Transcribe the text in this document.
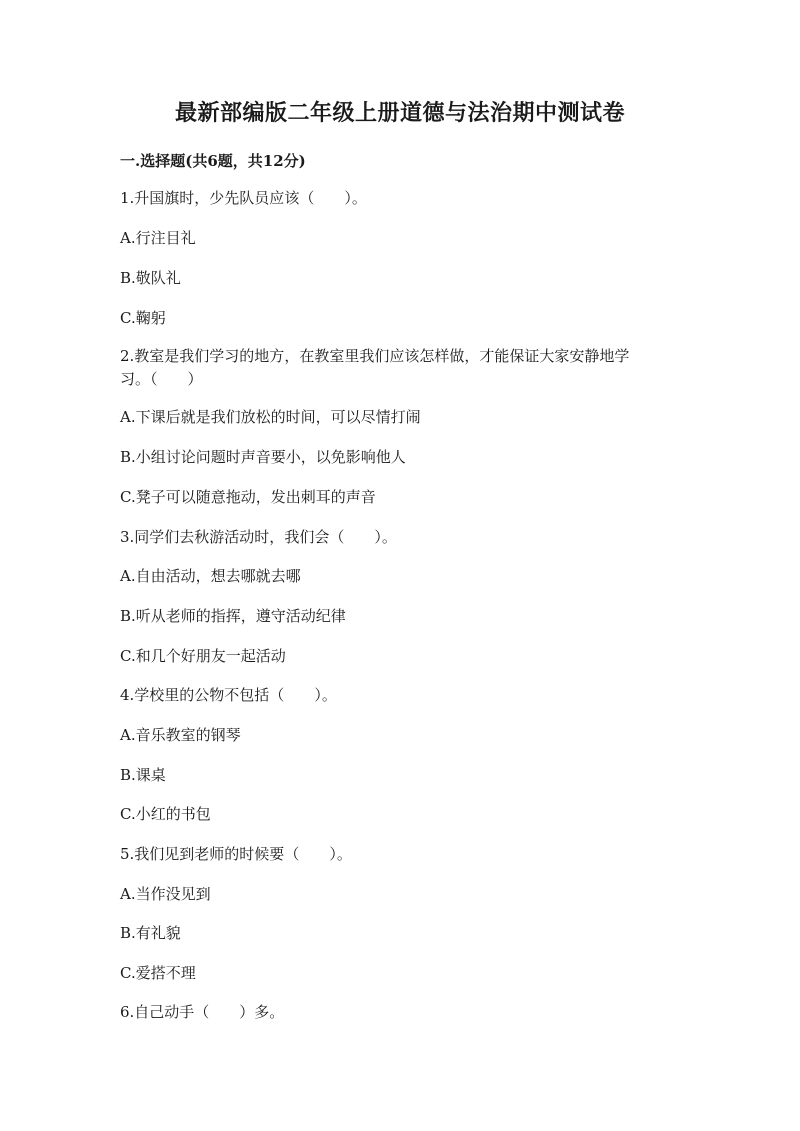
最新部编版二年级上册道德与法治期中测试卷
一.选择题(共6题，共12分)
1.升国旗时，少先队员应该（　　）。
A.行注目礼
B.敬队礼
C.鞠躬
2.教室是我们学习的地方，在教室里我们应该怎样做，才能保证大家安静地学
习。（　　）
A.下课后就是我们放松的时间，可以尽情打闹
B.小组讨论问题时声音要小，以免影响他人
C.凳子可以随意拖动，发出刺耳的声音
3.同学们去秋游活动时，我们会（　　）。
A.自由活动，想去哪就去哪
B.听从老师的指挥，遵守活动纪律
C.和几个好朋友一起活动
4.学校里的公物不包括（　　）。
A.音乐教室的钢琴
B.课桌
C.小红的书包
5.我们见到老师的时候要（　　）。
A.当作没见到
B.有礼貌
C.爱搭不理
6.自己动手（　　）多。
